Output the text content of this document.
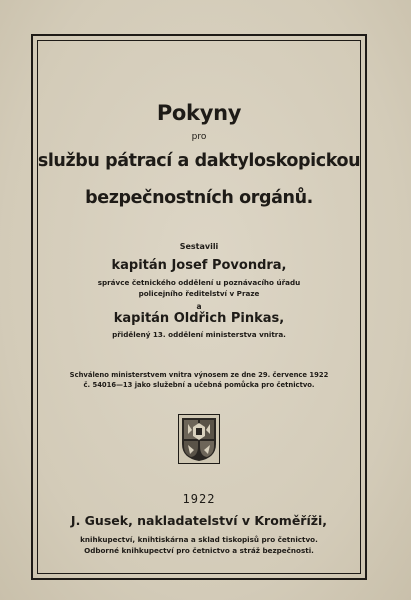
Pokyny
pro
službu pátrací a daktyloskopickou
bezpečnostních orgánů.
Sestavili
kapitán Josef Povondra,
správce četnického oddělení u poznávacího úřadu
policejního ředitelství v Praze
a
kapitán Oldřich Pinkas,
přidělený 13. oddělení ministerstva vnitra.
Schváleno ministerstvem vnitra výnosem ze dne 29. července 1922
č. 54016—13 jako služební a učebná pomůcka pro četnictvo.
1922
J. Gusek, nakladatelství v Kroměříži,
knihkupectví, knihtiskárna a sklad tiskopisů pro četnictvo.
Odborné knihkupectví pro četnictvo a stráž bezpečnosti.
